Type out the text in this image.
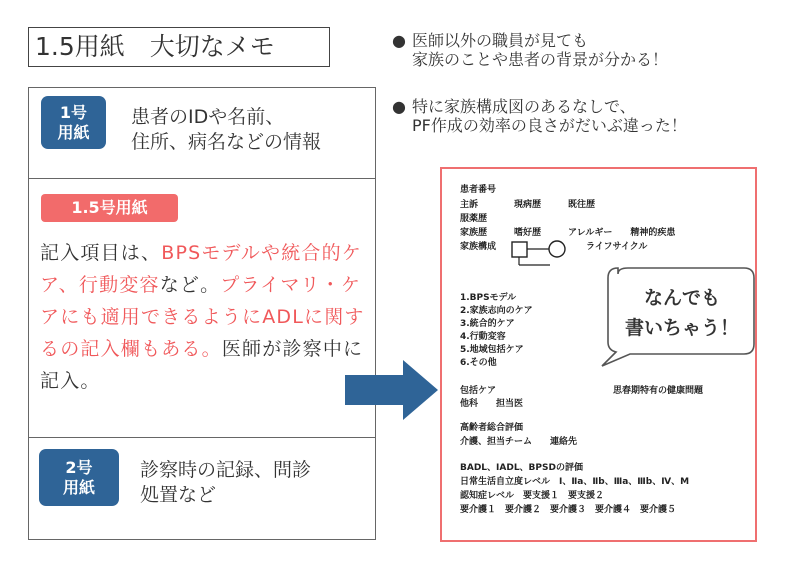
1.5用紙　大切なメモ	● 医師以外の職員が見ても
家族のことや患者の背景が分かる！
● 特に家族構成図のあるなしで、
PF作成の効率の良さがだいぶ違った！
1号
用紙
患者のIDや名前、
住所、病名などの情報
1.5号用紙
記入項目は、BPSモデルや統合的ケア、行動変容など。プライマリ・ケアにも適用できるようにADLに関するの記入欄もある。医師が診察中に記入。
2号
用紙
診察時の記録、問診
処置など
患者番号
主訴　　　　現病歴　　　既往歴
服薬歴
家族歴　　　嗜好歴　　　アレルギー　　精神的疾患
家族構成　　　　　　　　　　ライフサイクル
1.BPSモデル
2.家族志向のケア
3.統合的ケア
4.行動変容
5.地域包括ケア
6.その他
包括ケア　　　　　　　　　　　　　思春期特有の健康問題
他科　　担当医
高齢者総合評価
介護、担当チーム　　連絡先
BADL、IADL、BPSDの評価
日常生活自立度レベル　Ⅰ、Ⅱa、Ⅱb、Ⅲa、Ⅲb、Ⅳ、M
認知症レベル　要支援１　要支援２
要介護１　要介護２　要介護３　要介護４　要介護５
なんでも
書いちゃう！
